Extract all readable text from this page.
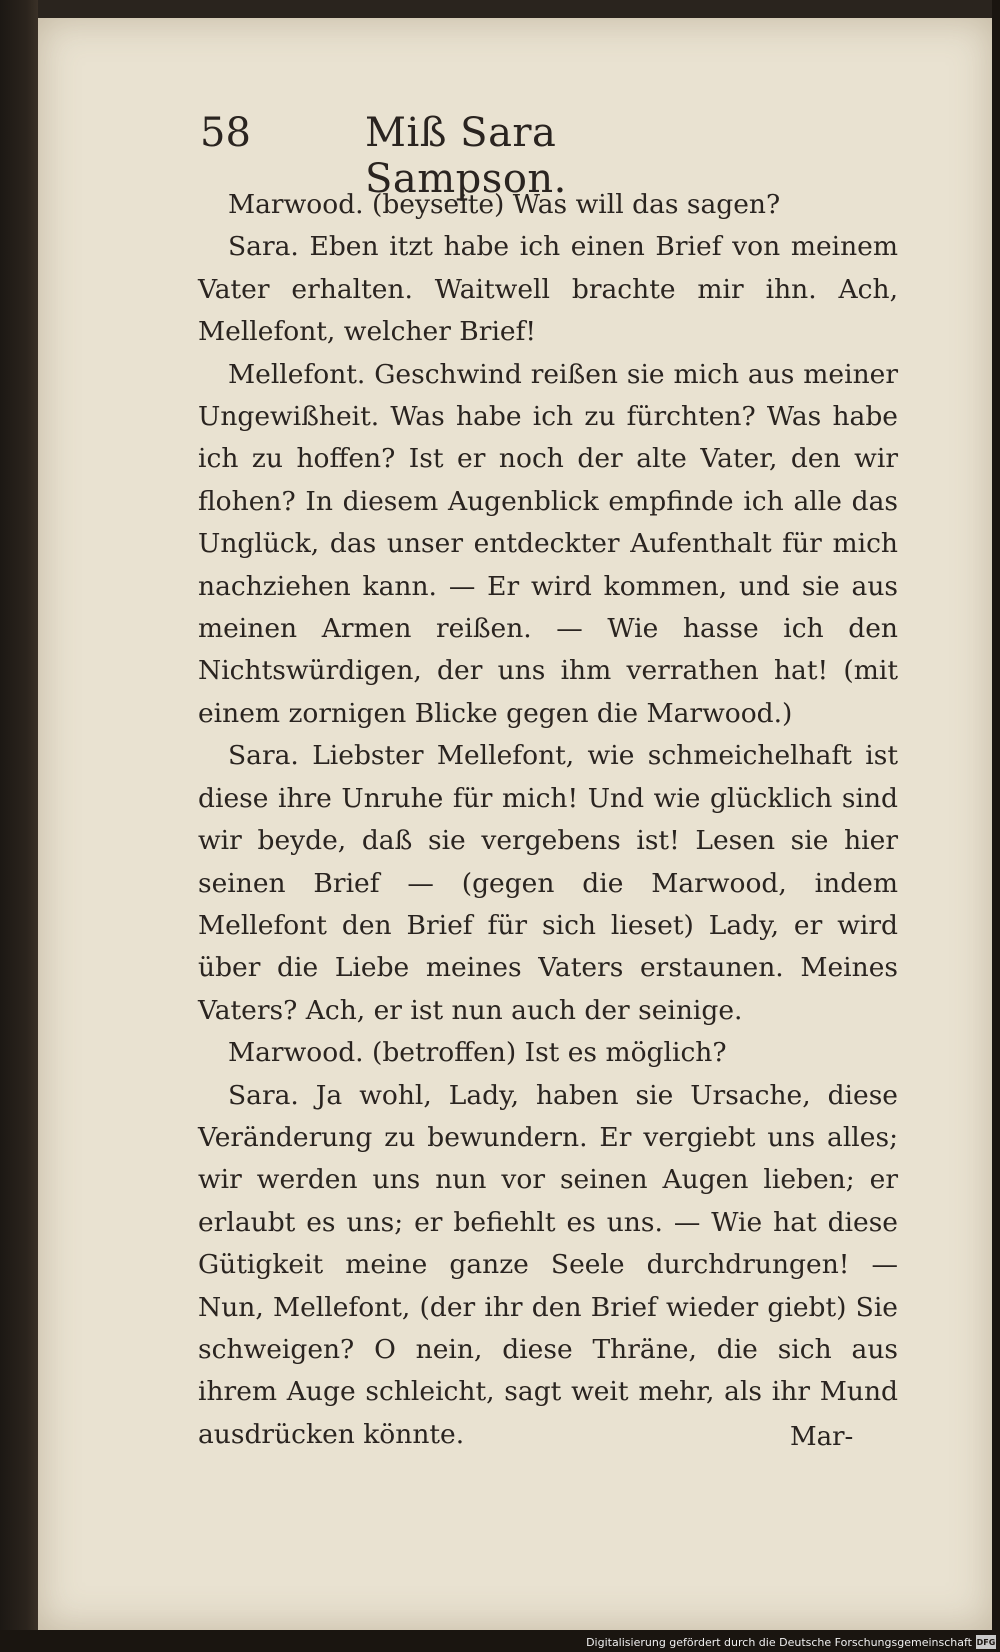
58	Miß Sara Sampson.

Marwood. (beyseite) Was will das sagen?

Sara. Eben itzt habe ich einen Brief von meinem Vater erhalten. Waitwell brachte mir ihn. Ach, Mellefont, welcher Brief!

Mellefont. Geschwind reißen sie mich aus meiner Ungewißheit. Was habe ich zu fürchten? Was habe ich zu hoffen? Ist er noch der alte Vater, den wir flohen? In diesem Augenblick empfinde ich alle das Unglück, das unser entdeckter Aufenthalt für mich nachziehen kann. — Er wird kommen, und sie aus meinen Armen reißen. — Wie hasse ich den Nichtswürdigen, der uns ihm verrathen hat! (mit einem zornigen Blicke gegen die Marwood.)

Sara. Liebster Mellefont, wie schmeichelhaft ist diese ihre Unruhe für mich! Und wie glücklich sind wir beyde, daß sie vergebens ist! Lesen sie hier seinen Brief — (gegen die Marwood, indem Mellefont den Brief für sich lieset) Lady, er wird über die Liebe meines Vaters erstaunen. Meines Vaters? Ach, er ist nun auch der seinige.

Marwood. (betroffen) Ist es möglich?

Sara. Ja wohl, Lady, haben sie Ursache, diese Veränderung zu bewundern. Er vergiebt uns alles; wir werden uns nun vor seinen Augen lieben; er erlaubt es uns; er befiehlt es uns. — Wie hat diese Gütigkeit meine ganze Seele durchdrungen! — Nun, Mellefont, (der ihr den Brief wieder giebt) Sie schweigen? O nein, diese Thräne, die sich aus ihrem Auge schleicht, sagt weit mehr, als ihr Mund ausdrücken könnte.	Mar-
Digitalisierung gefördert durch die Deutsche Forschungsgemeinschaft DFG
